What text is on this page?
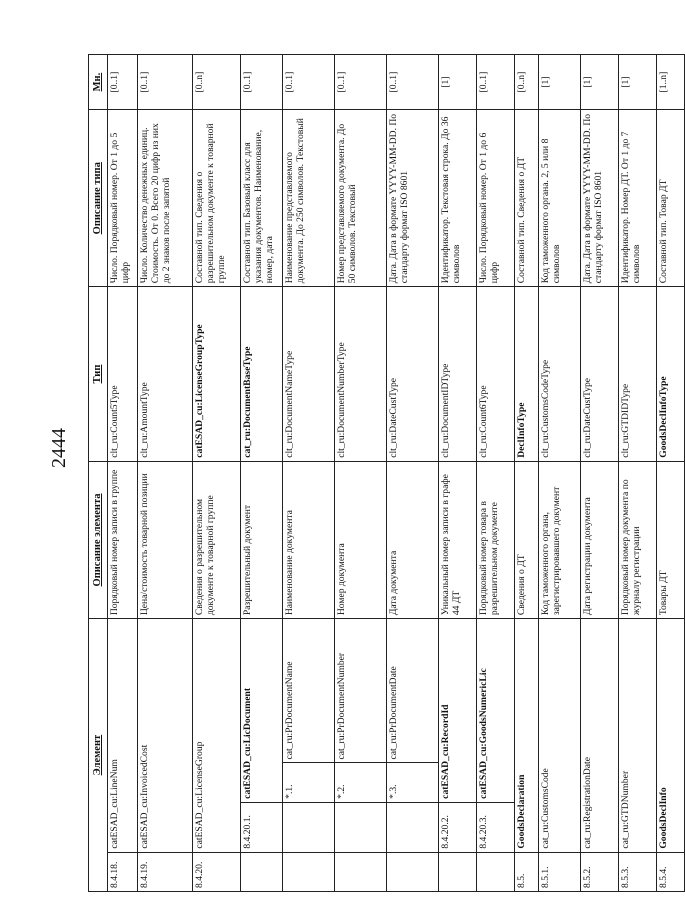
2444
Элемент				Описание элемента	Тип	Описание типа	Мн.
8.4.18.	catESAD_cu:LineNum			Порядковый номер записи в группе	clt_ru:Count5Type	Число. Порядковый номер. От 1 до 5 цифр	[0..1]
8.4.19.	catESAD_cu:InvoicedCost			Цена/стоимость товарной позиции	clt_ru:AmountType	Число. Количество денежных единиц. Стоимость. От 0. Всего 20 цифр из них до 2 знаков после запятой	[0..1]
8.4.20.	catESAD_cu:LicenseGroup			Сведения о разрешительном документе к товарной группе	catESAD_cu:LicenseGroupType	Составной тип. Сведения о разрешительном документе к товарной группе	[0..n]
	8.4.20.1.	catESAD_cu:LicDocument		Разрешительный документ	cat_ru:DocumentBaseType	Составной тип. Базовый класс для указания документов. Наименование, номер, дата	[0..1]
		*.1.	cat_ru:PrDocumentName	Наименование документа	clt_ru:DocumentNameType	Наименование представляемого документа. До 250 символов. Текстовый	[0..1]
		*.2.	cat_ru:PrDocumentNumber	Номер документа	clt_ru:DocumentNumberType	Номер представляемого документа. До 50 символов. Текстовый	[0..1]
		*.3.	cat_ru:PrDocumentDate	Дата документа	clt_ru:DateCustType	Дата. Дата в формате YYYY-MM-DD. По стандарту формат ISO 8601	[0..1]
	8.4.20.2.	catESAD_cu:RecordId		Уникальный номер записи в графе 44 ДТ	clt_ru:DocumentIDType	Идентификатор. Текстовая строка. До 36 символов	[1]
	8.4.20.3.	catESAD_cu:GoodsNumericLic		Порядковый номер товара в разрешительном документе	clt_ru:Count6Type	Число. Порядковый номер. От 1 до 6 цифр	[0..1]
8.5.	GoodsDeclaration			Сведения о ДТ	DeclInfoType	Составной тип. Сведения о ДТ	[0..n]
8.5.1.	cat_ru:CustomsCode			Код таможенного органа, зарегистрировавшего документ	clt_ru:CustomsCodeType	Код таможенного органа. 2, 5 или 8 символов	[1]
8.5.2.	cat_ru:RegistrationDate			Дата регистрации документа	clt_ru:DateCustType	Дата. Дата в формате YYYY-MM-DD. По стандарту формат ISO 8601	[1]
8.5.3.	cat_ru:GTDNumber			Порядковый номер документа по журналу регистрации	clt_ru:GTDIDType	Идентификатор. Номер ДТ. От 1 до 7 символов	[1]
8.5.4.	GoodsDeclInfo			Товары ДТ	GoodsDeclInfoType	Составной тип. Товар ДТ	[1..n]
